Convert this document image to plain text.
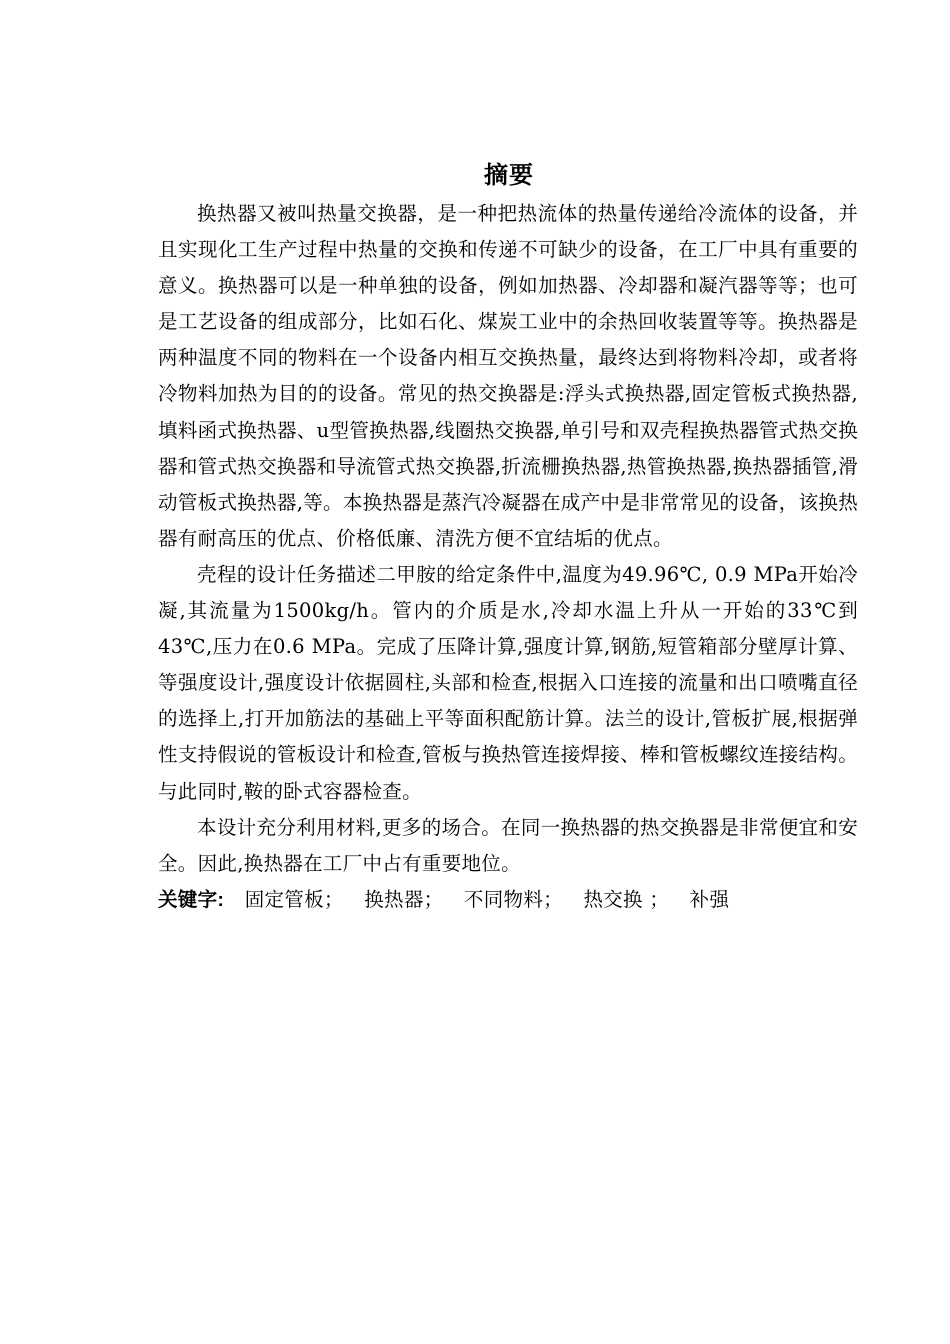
摘要

换热器又被叫热量交换器，是一种把热流体的热量传递给冷流体的设备，并且实现化工生产过程中热量的交换和传递不可缺少的设备，在工厂中具有重要的意义。换热器可以是一种单独的设备，例如加热器、冷却器和凝汽器等等；也可是工艺设备的组成部分，比如石化、煤炭工业中的余热回收装置等等。换热器是两种温度不同的物料在一个设备内相互交换热量，最终达到将物料冷却，或者将冷物料加热为目的的设备。常见的热交换器是:浮头式换热器,固定管板式换热器,填料函式换热器、u型管换热器,线圈热交换器,单引号和双壳程换热器管式热交换器和管式热交换器和导流管式热交换器,折流栅换热器,热管换热器,换热器插管,滑动管板式换热器,等。本换热器是蒸汽冷凝器在成产中是非常常见的设备，该换热器有耐高压的优点、价格低廉、清洗方便不宜结垢的优点。

壳程的设计任务描述二甲胺的给定条件中,温度为49.96℃, 0.9 MPa开始冷凝,其流量为1500kg/h。管内的介质是水,冷却水温上升从一开始的33℃到43℃,压力在0.6 MPa。完成了压降计算,强度计算,钢筋,短管箱部分壁厚计算、等强度设计,强度设计依据圆柱,头部和检查,根据入口连接的流量和出口喷嘴直径的选择上,打开加筋法的基础上平等面积配筋计算。法兰的设计,管板扩展,根据弹性支持假说的管板设计和检查,管板与换热管连接焊接、棒和管板螺纹连接结构。与此同时,鞍的卧式容器检查。

本设计充分利用材料,更多的场合。在同一换热器的热交换器是非常便宜和安全。因此,换热器在工厂中占有重要地位。

关键字: 固定管板； 换热器； 不同物料； 热交换 ； 补强
